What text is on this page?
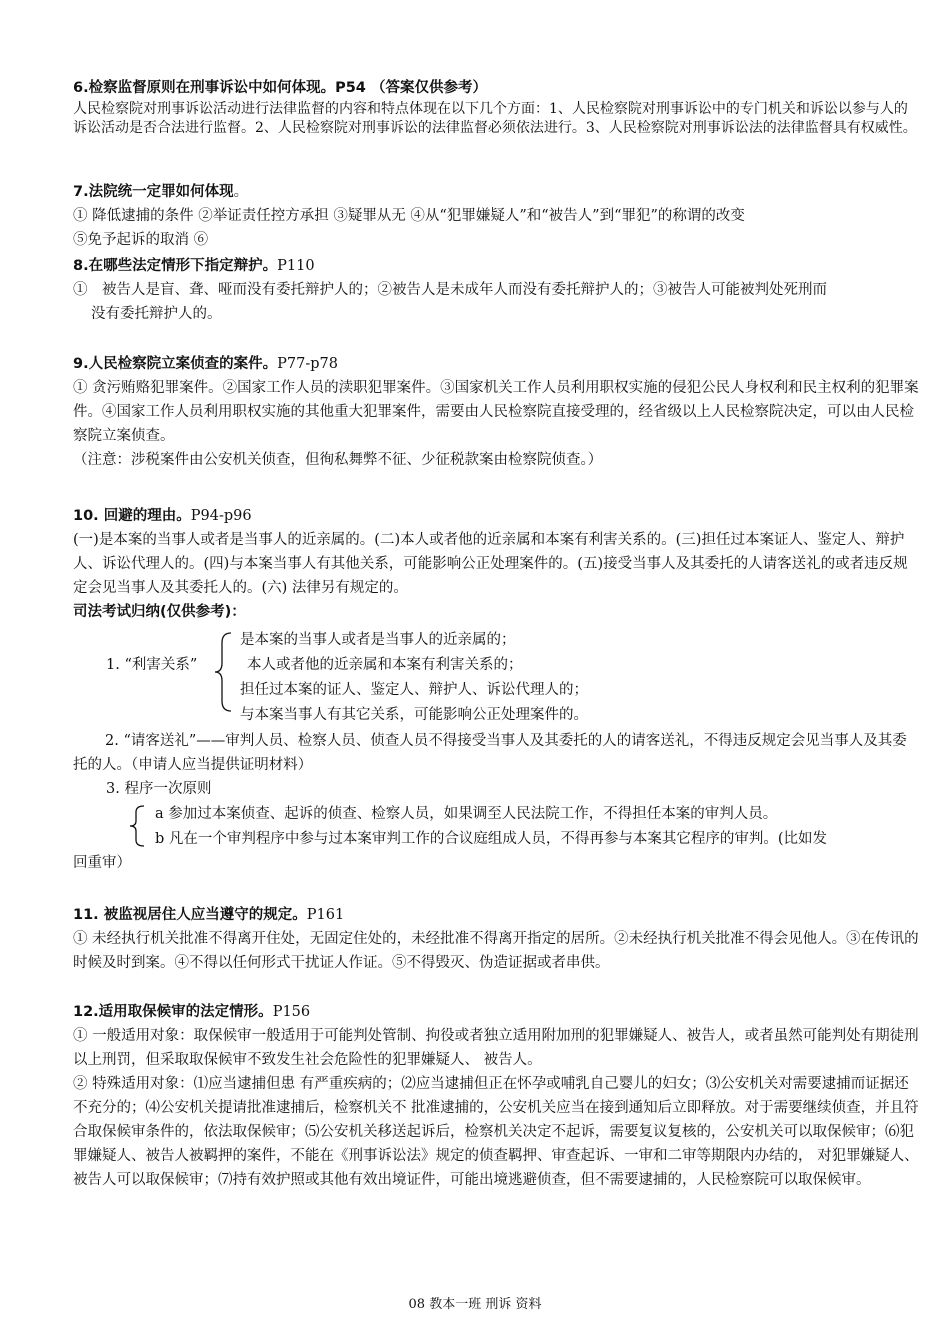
6.检察监督原则在刑事诉讼中如何体现。P54 （答案仅供参考）

人民检察院对刑事诉讼活动进行法律监督的内容和特点体现在以下几个方面：1、人民检察院对刑事诉讼中的专门机关和诉讼以参与人的诉讼活动是否合法进行监督。2、人民检察院对刑事诉讼的法律监督必须依法进行。3、人民检察院对刑事诉讼法的法律监督具有权威性。

7.法院统一定罪如何体现。

① 降低逮捕的条件 ②举证责任控方承担 ③疑罪从无 ④从“犯罪嫌疑人”和“被告人”到“罪犯”的称谓的改变

⑤免予起诉的取消 ⑥

8.在哪些法定情形下指定辩护。P110

①　被告人是盲、聋、哑而没有委托辩护人的；②被告人是未成年人而没有委托辩护人的；③被告人可能被判处死刑而

没有委托辩护人的。

9.人民检察院立案侦查的案件。P77-p78

① 贪污贿赂犯罪案件。②国家工作人员的渎职犯罪案件。③国家机关工作人员利用职权实施的侵犯公民人身权利和民主权利的犯罪案件。④国家工作人员利用职权实施的其他重大犯罪案件，需要由人民检察院直接受理的，经省级以上人民检察院决定，可以由人民检察院立案侦查。

（注意：涉税案件由公安机关侦查，但徇私舞弊不征、少征税款案由检察院侦查。）

10. 回避的理由。P94-p96

(一)是本案的当事人或者是当事人的近亲属的。(二)本人或者他的近亲属和本案有利害关系的。(三)担任过本案证人、鉴定人、辩护人、诉讼代理人的。(四)与本案当事人有其他关系，可能影响公正处理案件的。(五)接受当事人及其委托的人请客送礼的或者违反规定会见当事人及其委托人的。(六) 法律另有规定的。

司法考试归纳(仅供参考)：

1. “利害关系”

是本案的当事人或者是当事人的近亲属的；

本人或者他的近亲属和本案有利害关系的；

担任过本案的证人、鉴定人、辩护人、诉讼代理人的；

与本案当事人有其它关系，可能影响公正处理案件的。

2. “请客送礼”——审判人员、检察人员、侦查人员不得接受当事人及其委托的人的请客送礼，不得违反规定会见当事人及其委托的人。（申请人应当提供证明材料）

3. 程序一次原则

a 参加过本案侦查、起诉的侦查、检察人员，如果调至人民法院工作，不得担任本案的审判人员。

b 凡在一个审判程序中参与过本案审判工作的合议庭组成人员，不得再参与本案其它程序的审判。(比如发

回重审）

11. 被监视居住人应当遵守的规定。P161

① 未经执行机关批准不得离开住处，无固定住处的，未经批准不得离开指定的居所。②未经执行机关批准不得会见他人。③在传讯的时候及时到案。④不得以任何形式干扰证人作证。⑤不得毁灭、伪造证据或者串供。

12.适用取保候审的法定情形。P156

① 一般适用对象：取保候审一般适用于可能判处管制、拘役或者独立适用附加刑的犯罪嫌疑人、被告人，或者虽然可能判处有期徒刑以上刑罚，但采取取保候审不致发生社会危险性的犯罪嫌疑人、 被告人。

② 特殊适用对象：⑴应当逮捕但患 有严重疾病的；⑵应当逮捕但正在怀孕或哺乳自己婴儿的妇女；⑶公安机关对需要逮捕而证据还不充分的；⑷公安机关提请批准逮捕后，检察机关不 批准逮捕的，公安机关应当在接到通知后立即释放。对于需要继续侦查，并且符 合取保候审条件的，依法取保候审；⑸公安机关移送起诉后，检察机关决定不起诉，需要复议复核的，公安机关可以取保候审；⑹犯罪嫌疑人、被告人被羁押的案件，不能在《刑事诉讼法》规定的侦查羁押、审查起诉、一审和二审等期限内办结的， 对犯罪嫌疑人、被告人可以取保候审；⑺持有效护照或其他有效出境证件，可能出境逃避侦查，但不需要逮捕的，人民检察院可以取保候审。

08 教本一班 刑诉 资料
